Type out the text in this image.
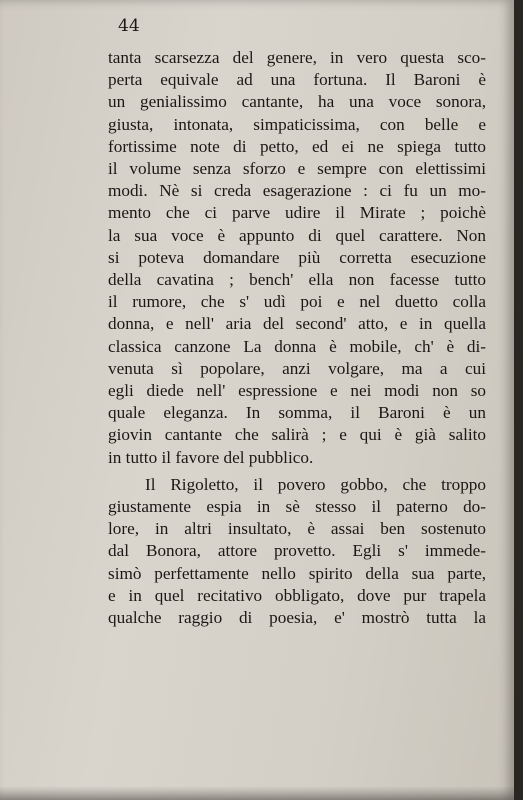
44
tanta scarsezza del genere, in vero questa sco-
perta equivale ad una fortuna. Il Baroni è
un genialissimo cantante, ha una voce sonora,
giusta, intonata, simpaticissima, con belle e
fortissime note di petto, ed ei ne spiega tutto
il volume senza sforzo e sempre con elettissimi
modi. Nè si creda esagerazione : ci fu un mo-
mento che ci parve udire il Mirate ; poichè
la sua voce è appunto di quel carattere. Non
si poteva domandare più corretta esecuzione
della cavatina ; bench' ella non facesse tutto
il rumore, che s' udì poi e nel duetto colla
donna, e nell' aria del second' atto, e in quella
classica canzone La donna è mobile, ch' è di-
venuta sì popolare, anzi volgare, ma a cui
egli diede nell' espressione e nei modi non so
quale eleganza. In somma, il Baroni è un
giovin cantante che salirà ; e qui è già salito
in tutto il favore del pubblico.
Il Rigoletto, il povero gobbo, che troppo
giustamente espia in sè stesso il paterno do-
lore, in altri insultato, è assai ben sostenuto
dal Bonora, attore provetto. Egli s' immede-
simò perfettamente nello spirito della sua parte,
e in quel recitativo obbligato, dove pur trapela
qualche raggio di poesia, e' mostrò tutta la
